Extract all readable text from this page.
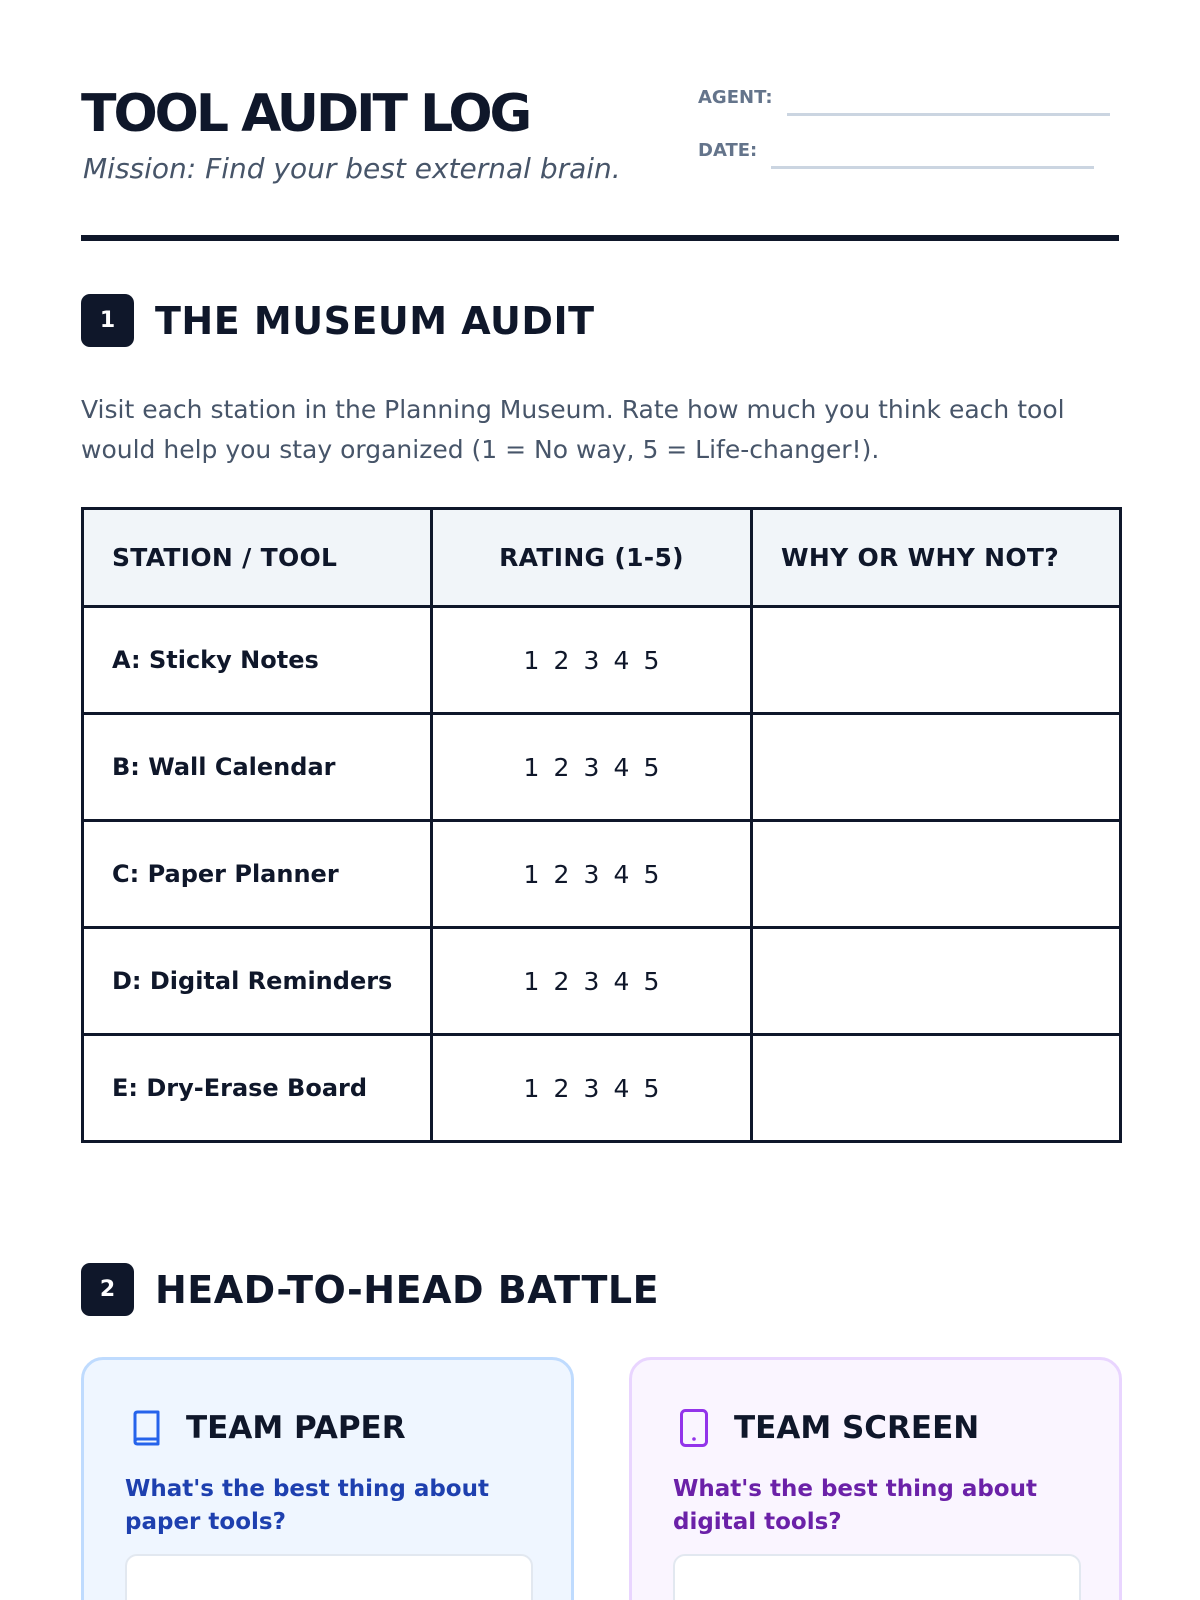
TOOL AUDIT LOG
Mission: Find your best external brain.
AGENT:
DATE:
1	THE MUSEUM AUDIT

Visit each station in the Planning Museum. Rate how much you think each tool would help you stay organized (1 = No way, 5 = Life-changer!).

STATION / TOOL	RATING (1-5)	WHY OR WHY NOT?
A: Sticky Notes	1 2 3 4 5	
B: Wall Calendar	1 2 3 4 5	
C: Paper Planner	1 2 3 4 5	
D: Digital Reminders	1 2 3 4 5	
E: Dry-Erase Board	1 2 3 4 5	
2	HEAD-TO-HEAD BATTLE
TEAM PAPER
What's the best thing about paper tools?
TEAM SCREEN
What's the best thing about digital tools?
